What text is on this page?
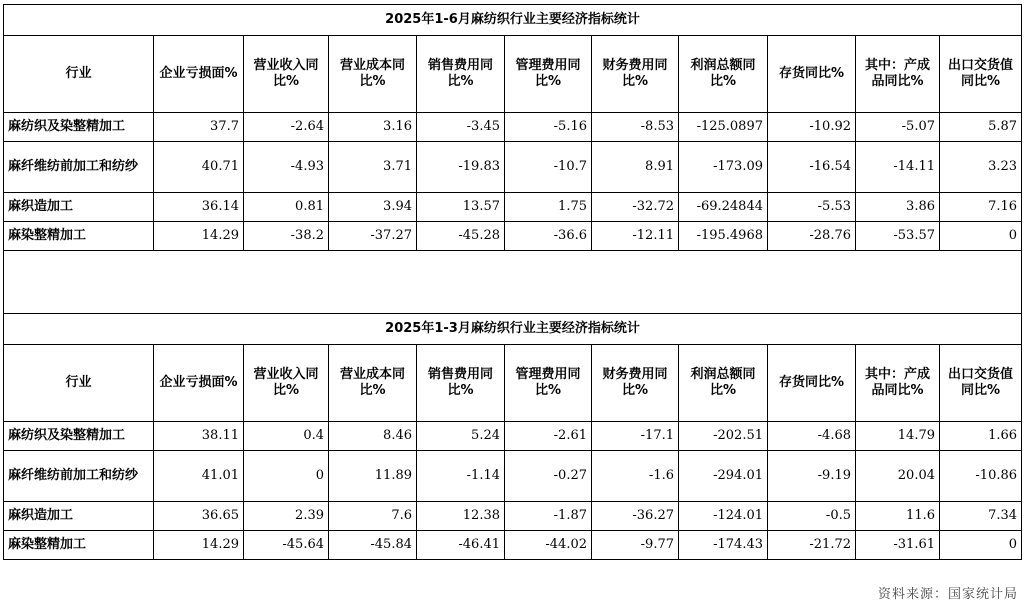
2025年1-6月麻纺织行业主要经济指标统计										
行业	企业亏损面%	营业收入同比%	营业成本同比%	销售费用同比%	管理费用同比%	财务费用同比%	利润总额同比%	存货同比%	其中：产成品同比%	出口交货值同比%
麻纺织及染整精加工	37.7	-2.64	3.16	-3.45	-5.16	-8.53	-125.0897	-10.92	-5.07	5.87
麻纤维纺前加工和纺纱	40.71	-4.93	3.71	-19.83	-10.7	8.91	-173.09	-16.54	-14.11	3.23
麻织造加工	36.14	0.81	3.94	13.57	1.75	-32.72	-69.24844	-5.53	3.86	7.16
麻染整精加工	14.29	-38.2	-37.27	-45.28	-36.6	-12.11	-195.4968	-28.76	-53.57	0

2025年1-3月麻纺织行业主要经济指标统计										
行业	企业亏损面%	营业收入同比%	营业成本同比%	销售费用同比%	管理费用同比%	财务费用同比%	利润总额同比%	存货同比%	其中：产成品同比%	出口交货值同比%
麻纺织及染整精加工	38.11	0.4	8.46	5.24	-2.61	-17.1	-202.51	-4.68	14.79	1.66
麻纤维纺前加工和纺纱	41.01	0	11.89	-1.14	-0.27	-1.6	-294.01	-9.19	20.04	-10.86
麻织造加工	36.65	2.39	7.6	12.38	-1.87	-36.27	-124.01	-0.5	11.6	7.34
麻染整精加工	14.29	-45.64	-45.84	-46.41	-44.02	-9.77	-174.43	-21.72	-31.61	0
资料来源：国家统计局
